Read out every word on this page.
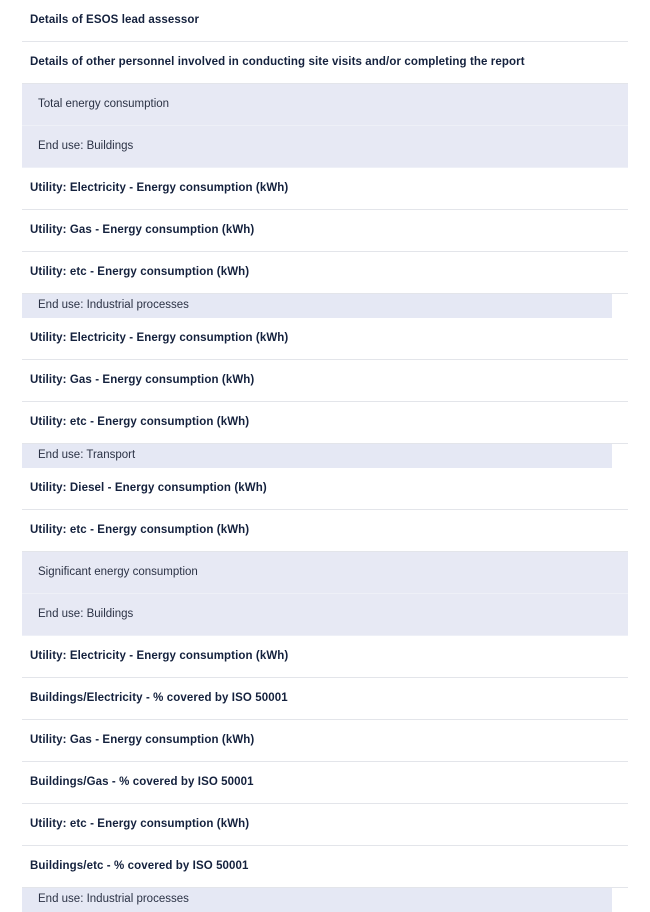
Details of ESOS lead assessor
Details of other personnel involved in conducting site visits and/or completing the report
Total energy consumption
End use: Buildings
Utility: Electricity - Energy consumption (kWh)
Utility: Gas - Energy consumption (kWh)
Utility: etc - Energy consumption (kWh)
End use: Industrial processes
Utility: Electricity - Energy consumption (kWh)
Utility: Gas - Energy consumption (kWh)
Utility: etc - Energy consumption (kWh)
End use: Transport
Utility: Diesel - Energy consumption (kWh)
Utility: etc - Energy consumption (kWh)
Significant energy consumption
End use: Buildings
Utility: Electricity - Energy consumption (kWh)
Buildings/Electricity - % covered by ISO 50001
Utility: Gas - Energy consumption (kWh)
Buildings/Gas - % covered by ISO 50001
Utility: etc - Energy consumption (kWh)
Buildings/etc - % covered by ISO 50001
End use: Industrial processes
